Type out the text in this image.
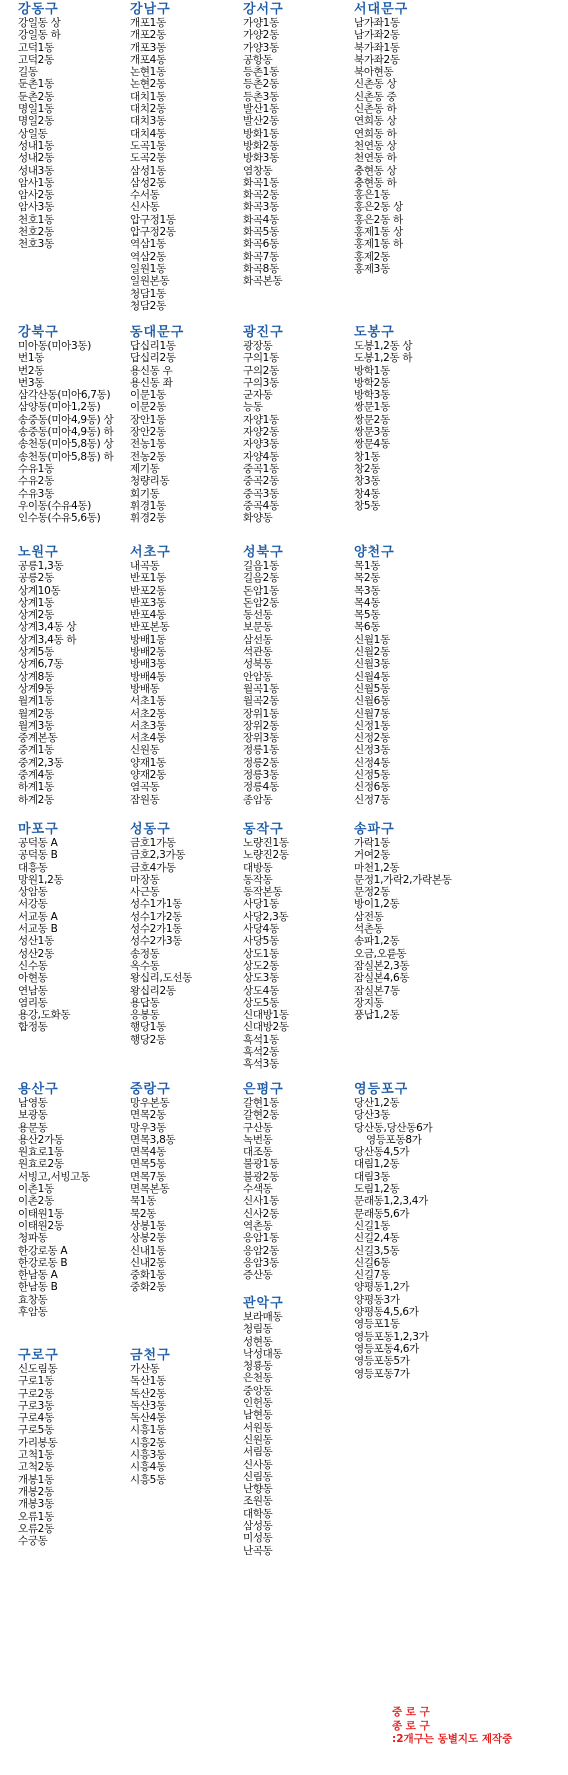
강동구
강일동 상
강일동 하
고덕1동
고덕2동
길동
둔촌1동
둔촌2동
명일1동
명일2동
상일동
성내1동
성내2동
성내3동
암사1동
암사2동
암사3동
천호1동
천호2동
천호3동
강남구
개포1동
개포2동
개포3동
개포4동
논현1동
논현2동
대치1동
대치2동
대치3동
대치4동
도곡1동
도곡2동
삼성1동
삼성2동
수서동
신사동
압구정1동
압구정2동
역삼1동
역삼2동
일원1동
일원본동
청담1동
청담2동
강서구
가양1동
가양2동
가양3동
공항동
등촌1동
등촌2동
등촌3동
발산1동
발산2동
방화1동
방화2동
방화3동
염창동
화곡1동
화곡2동
화곡3동
화곡4동
화곡5동
화곡6동
화곡7동
화곡8동
화곡본동
서대문구
남가좌1동
남가좌2동
북가좌1동
북가좌2동
북아현동
신촌동 상
신촌동 중
신촌동 하
연희동 상
연희동 하
천연동 상
천연동 하
충현동 상
충현동 하
홍은1동
홍은2동 상
홍은2동 하
홍제1동 상
홍제1동 하
홍제2동
홍제3동
강북구
미아동(미아3동)
번1동
번2동
번3동
삼각산동(미아6,7동)
삼양동(미아1,2동)
송중동(미아4,9동) 상
송중동(미아4,9동) 하
송천동(미아5,8동) 상
송천동(미아5,8동) 하
수유1동
수유2동
수유3동
우이동(수유4동)
인수동(수유5,6동)
동대문구
답십리1동
답십리2동
용신동 우
용신동 좌
이문1동
이문2동
장안1동
장안2동
전농1동
전농2동
제기동
청량리동
회기동
휘경1동
휘경2동
광진구
광장동
구의1동
구의2동
구의3동
군자동
능동
자양1동
자양2동
자양3동
자양4동
중곡1동
중곡2동
중곡3동
중곡4동
화양동
도봉구
도봉1,2동 상
도봉1,2동 하
방학1동
방학2동
방학3동
쌍문1동
쌍문2동
쌍문3동
쌍문4동
창1동
창2동
창3동
창4동
창5동
노원구
공릉1,3동
공릉2동
상계10동
상계1동
상계2동
상계3,4동 상
상계3,4동 하
상계5동
상계6,7동
상계8동
상계9동
월계1동
월계2동
월계3동
중계본동
중계1동
중계2,3동
중계4동
하계1동
하계2동
서초구
내곡동
반포1동
반포2동
반포3동
반포4동
반포본동
방배1동
방배2동
방배3동
방배4동
방배동
서초1동
서초2동
서초3동
서초4동
신원동
양재1동
양재2동
염곡동
잠원동
성북구
길음1동
길음2동
돈암1동
돈암2동
동선동
보문동
삼선동
석관동
성북동
안암동
월곡1동
월곡2동
장위1동
장위2동
장위3동
정릉1동
정릉2동
정릉3동
정릉4동
종암동
양천구
목1동
목2동
목3동
목4동
목5동
목6동
신월1동
신월2동
신월3동
신월4동
신월5동
신월6동
신월7동
신정1동
신정2동
신정3동
신정4동
신정5동
신정6동
신정7동
마포구
공덕동 A
공덕동 B
대흥동
망원1,2동
상암동
서강동
서교동 A
서교동 B
성산1동
성산2동
신수동
아현동
연남동
염리동
용강,도화동
합정동
성동구
금호1가동
금호2,3가동
금호4가동
마장동
사근동
성수1가1동
성수1가2동
성수2가1동
성수2가3동
송정동
옥수동
왕십리,도선동
왕십리2동
용답동
응봉동
행당1동
행당2동
동작구
노량진1동
노량진2동
대방동
동작동
동작본동
사당1동
사당2,3동
사당4동
사당5동
상도1동
상도2동
상도3동
상도4동
상도5동
신대방1동
신대방2동
흑석1동
흑석2동
흑석3동
송파구
가락1동
거여2동
마천1,2동
문정1,가락2,가락본동
문정2동
방이1,2동
삼전동
석촌동
송파1,2동
오금,오륜동
잠실본2,3동
잠실본4,6동
잠실본7동
장지동
풍납1,2동
용산구
남영동
보광동
용문동
용산2가동
원효로1동
원효로2동
서빙고,서빙고동
이촌1동
이촌2동
이태원1동
이태원2동
청파동
한강로동 A
한강로동 B
한남동 A
한남동 B
효창동
후암동
중랑구
망우본동
면목2동
망우3동
면목3,8동
면목4동
면목5동
면목7동
면목본동
묵1동
묵2동
상봉1동
상봉2동
신내1동
신내2동
중화1동
중화2동
은평구
갈현1동
갈현2동
구산동
녹번동
대조동
불광1동
불광2동
수색동
신사1동
신사2동
역촌동
응암1동
응암2동
응암3동
증산동
영등포구
당산1,2동
당산3동
당산동,당산동6가
영등포동8가
당산동4,5가
대림1,2동
대림3동
도림1,2동
문래동1,2,3,4가
문래동5,6가
신길1동
신길2,4동
신길3,5동
신길6동
신길7동
양평동1,2가
양평동3가
양평동4,5,6가
영등포1동
영등포동1,2,3가
영등포동4,6가
영등포동5가
영등포동7가
관악구
보라매동
청림동
성현동
낙성대동
청룡동
은천동
중앙동
인헌동
남현동
서원동
신원동
서림동
신사동
신림동
난향동
조원동
대학동
삼성동
미성동
난곡동
구로구
신도림동
구로1동
구로2동
구로3동
구로4동
구로5동
가리봉동
고척1동
고척2동
개봉1동
개봉2동
개봉3동
오류1동
오류2동
수궁동
금천구
가산동
독산1동
독산2동
독산3동
독산4동
시흥1동
시흥2동
시흥3동
시흥4동
시흥5동
중 로 구
종 로 구
:2개구는 동별지도 제작중
